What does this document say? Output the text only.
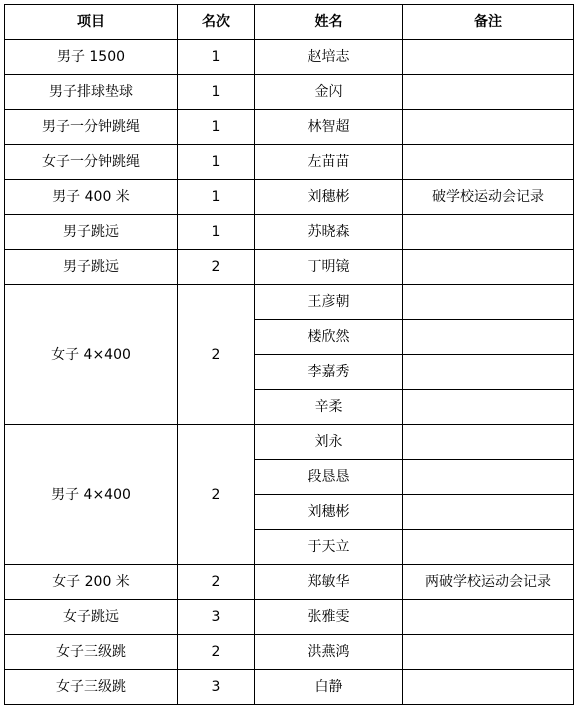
项目	名次	姓名	备注
男子 1500	1	赵培志	
男子排球垫球	1	金闪	
男子一分钟跳绳	1	林智超	
女子一分钟跳绳	1	左苗苗	
男子 400 米	1	刘穗彬	破学校运动会记录
男子跳远	1	苏晓森	
男子跳远	2	丁明镜	
女子 4×400	2	王彦朝	
		楼欣然	
		李嘉秀	
		辛柔	
男子 4×400	2	刘永	
		段恳恳	
		刘穗彬	
		于天立	
女子 200 米	2	郑敏华	两破学校运动会记录
女子跳远	3	张雅雯	
女子三级跳	2	洪燕鸿	
女子三级跳	3	白静	
